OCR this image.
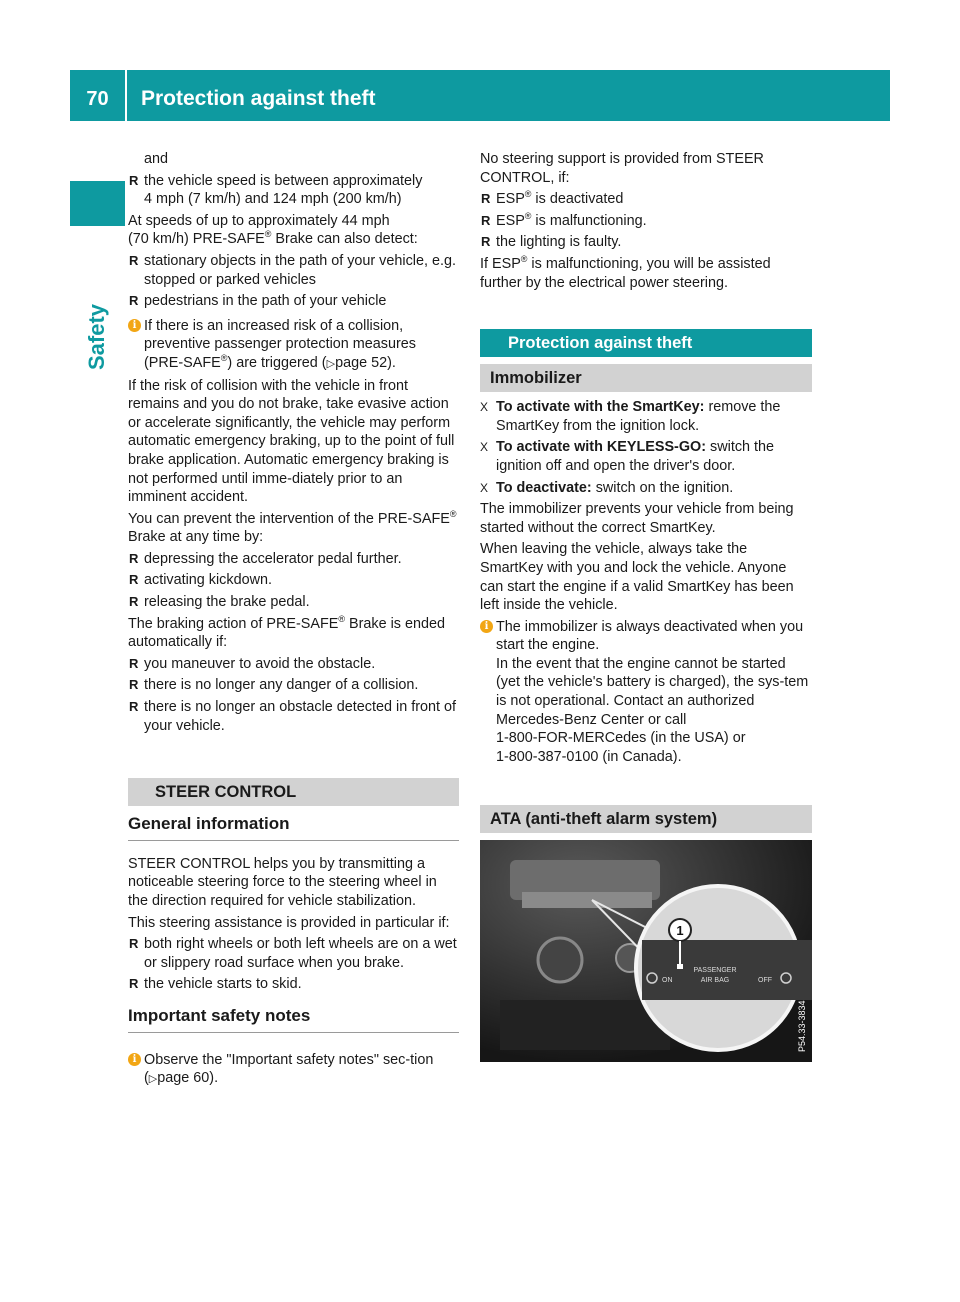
70	Protection against theft
Safety

and

R the vehicle speed is between approximately
4 mph (7 km/h) and 124 mph (200 km/h)

At speeds of up to approximately 44 mph
(70 km/h) PRE-SAFE® Brake can also detect:

R stationary objects in the path of your vehicle, e.g. stopped or parked vehicles
R pedestrians in the path of your vehicle
i If there is an increased risk of a collision, preventive passenger protection measures (PRE-SAFE®) are triggered (▷page 52).

If the risk of collision with the vehicle in front remains and you do not brake, take evasive action or accelerate significantly, the vehicle may perform automatic emergency braking, up to the point of full brake application. Automatic emergency braking is not performed until imme-diately prior to an imminent accident.

You can prevent the intervention of the PRE-SAFE® Brake at any time by:

R depressing the accelerator pedal further.
R activating kickdown.
R releasing the brake pedal.

The braking action of PRE-SAFE® Brake is ended automatically if:

R you maneuver to avoid the obstacle.
R there is no longer any danger of a collision.
R there is no longer an obstacle detected in front of your vehicle.
STEER CONTROL
General information

STEER CONTROL helps you by transmitting a noticeable steering force to the steering wheel in the direction required for vehicle stabilization.

This steering assistance is provided in particular if:

R both right wheels or both left wheels are on a wet or slippery road surface when you brake.
R the vehicle starts to skid.
Important safety notes
i Observe the "Important safety notes" sec-tion (▷page 60).

No steering support is provided from STEER CONTROL, if:

R ESP® is deactivated
R ESP® is malfunctioning.
R the lighting is faulty.

If ESP® is malfunctioning, you will be assisted further by the electrical power steering.

Protection against theft
Immobilizer
X To activate with the SmartKey: remove the SmartKey from the ignition lock.
X To activate with KEYLESS-GO: switch the ignition off and open the driver's door.
X To deactivate: switch on the ignition.

The immobilizer prevents your vehicle from being started without the correct SmartKey.

When leaving the vehicle, always take the SmartKey with you and lock the vehicle. Anyone can start the engine if a valid SmartKey has been left inside the vehicle.

i The immobilizer is always deactivated when you start the engine.
In the event that the engine cannot be started (yet the vehicle's battery is charged), the sys-tem is not operational. Contact an authorized Mercedes-Benz Center or call
1-800-FOR-MERCedes (in the USA) or
1-800-387-0100 (in Canada).
ATA (anti-theft alarm system)
1
ON
PASSENGER
AIR BAG	OFF
P54.33-3834
